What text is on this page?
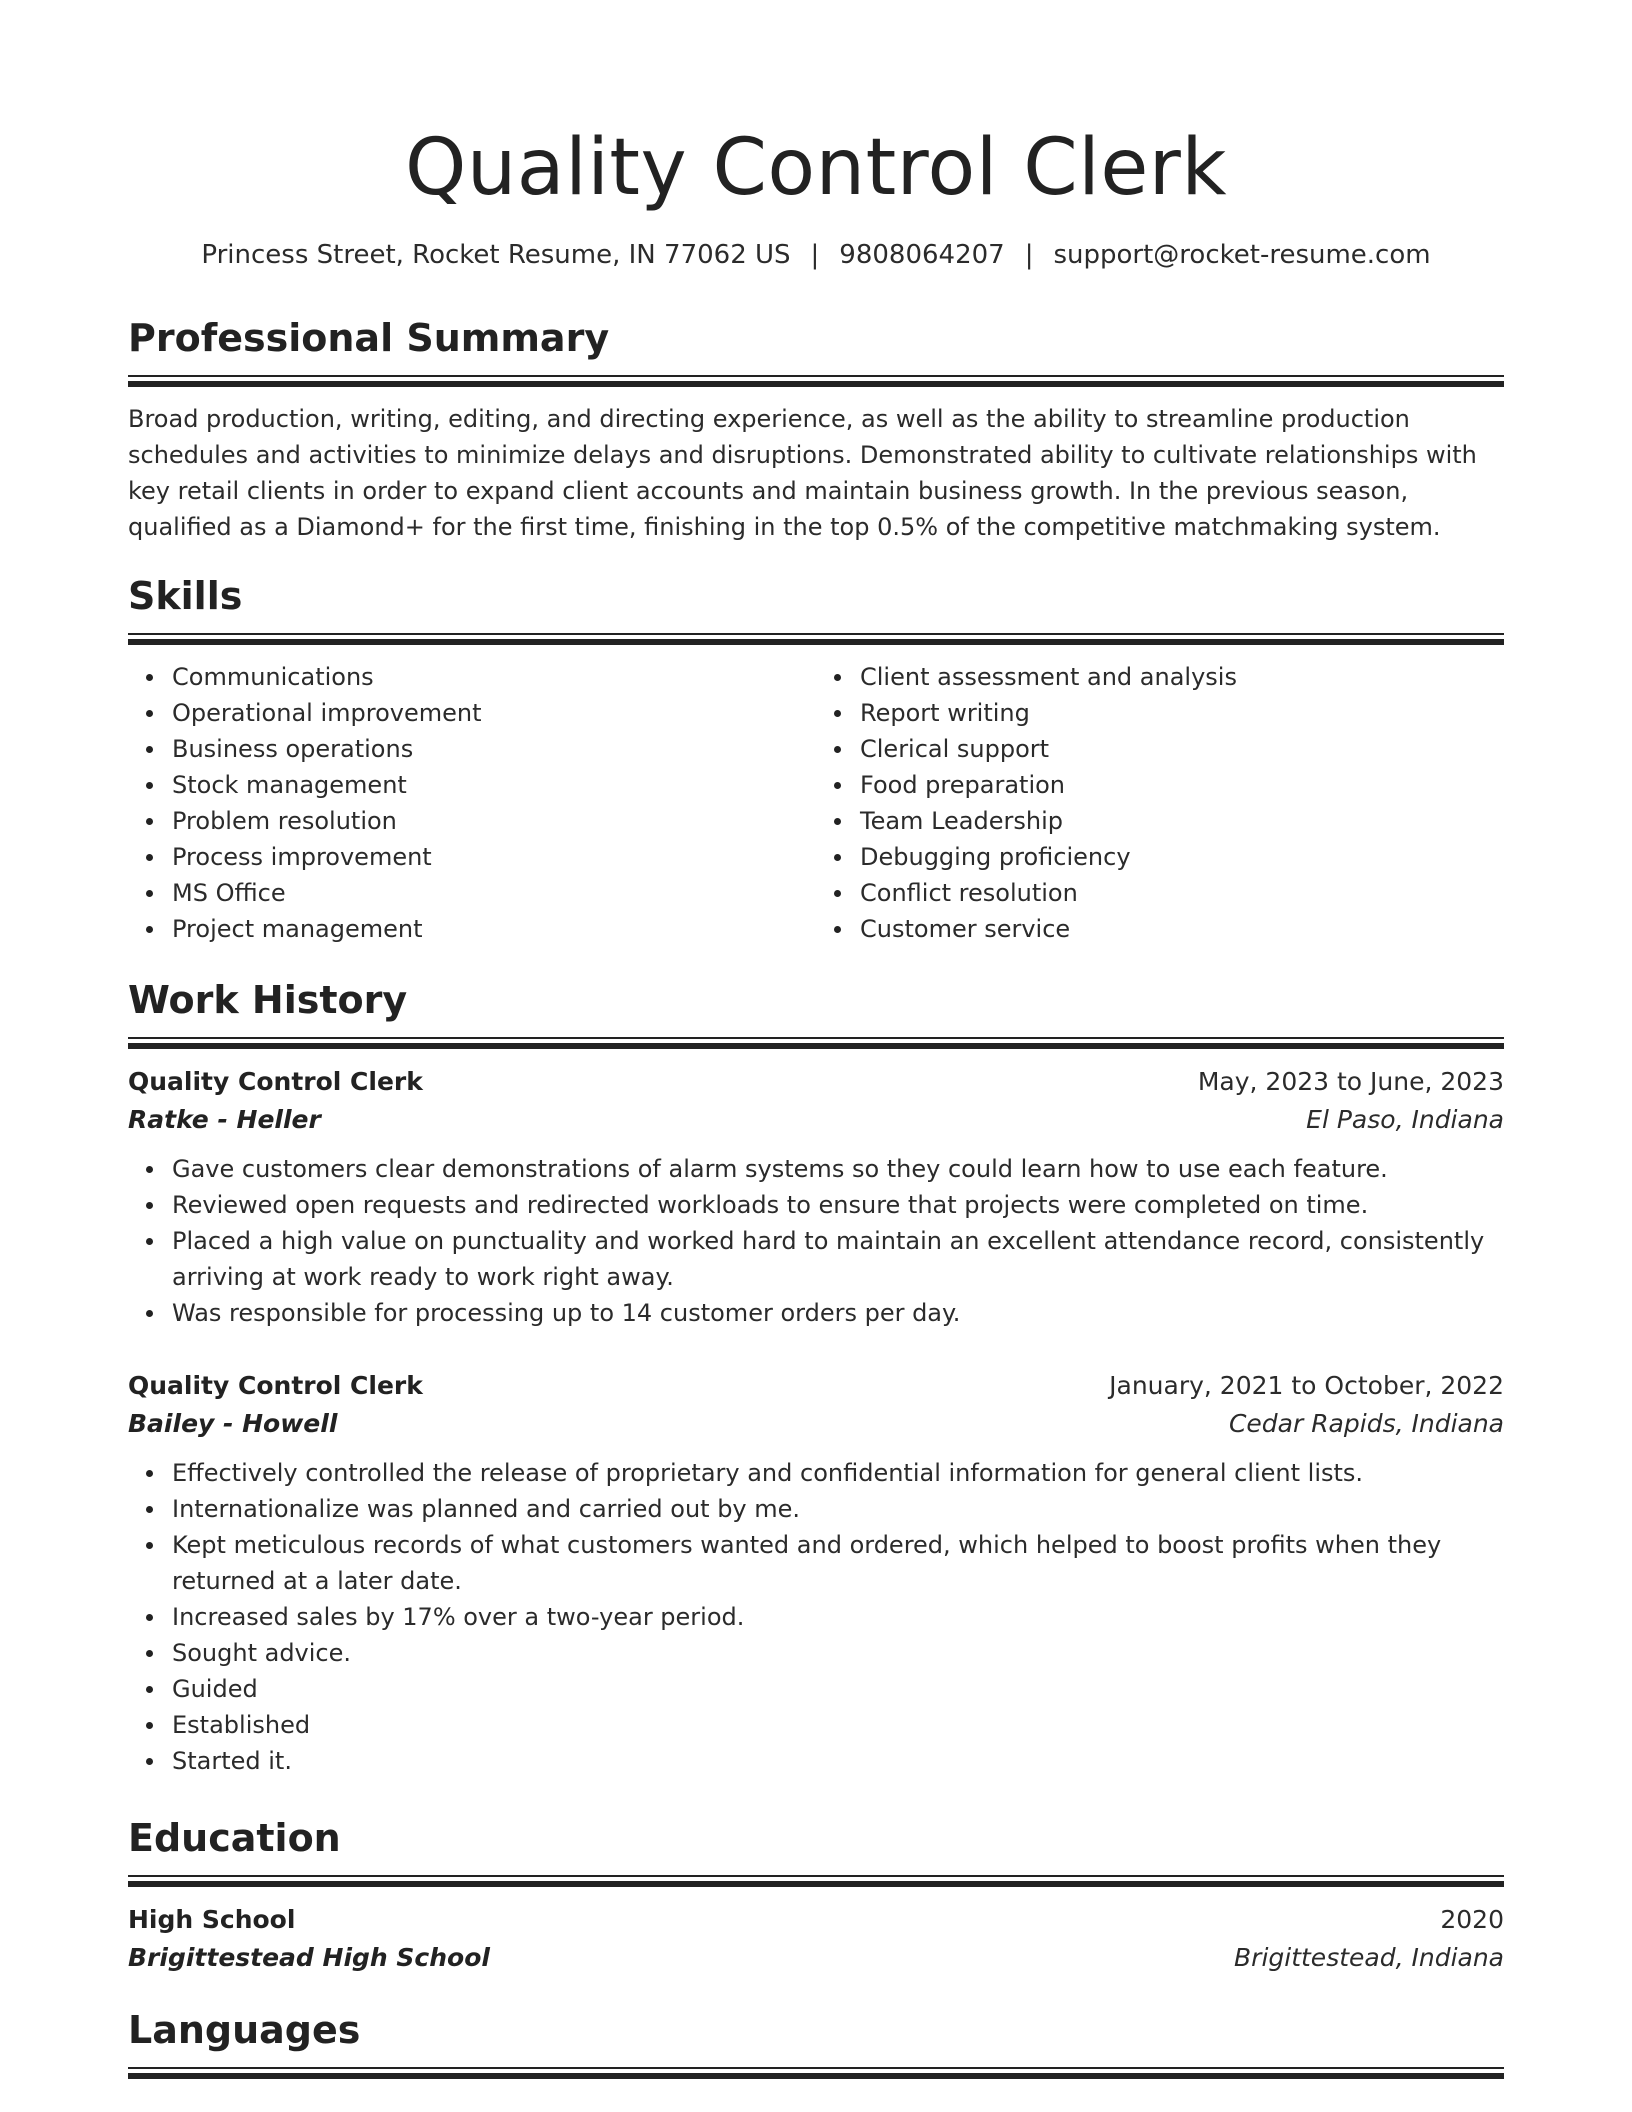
Quality Control Clerk
Princess Street, Rocket Resume, IN 77062 US | 9808064207 | support@rocket-resume.com
Professional Summary
Broad production, writing, editing, and directing experience, as well as the ability to streamline production schedules and activities to minimize delays and disruptions. Demonstrated ability to cultivate relationships with key retail clients in order to expand client accounts and maintain business growth. In the previous season, qualified as a Diamond+ for the first time, finishing in the top 0.5% of the competitive matchmaking system.
Skills
Communications
Operational improvement
Business operations
Stock management
Problem resolution
Process improvement
MS Office
Project management
Client assessment and analysis
Report writing
Clerical support
Food preparation
Team Leadership
Debugging proficiency
Conflict resolution
Customer service
Work History
Quality Control Clerk	May, 2023 to June, 2023
Ratke - Heller	El Paso, Indiana
Gave customers clear demonstrations of alarm systems so they could learn how to use each feature.
Reviewed open requests and redirected workloads to ensure that projects were completed on time.
Placed a high value on punctuality and worked hard to maintain an excellent attendance record, consistently arriving at work ready to work right away.
Was responsible for processing up to 14 customer orders per day.
Quality Control Clerk	January, 2021 to October, 2022
Bailey - Howell	Cedar Rapids, Indiana
Effectively controlled the release of proprietary and confidential information for general client lists.
Internationalize was planned and carried out by me.
Kept meticulous records of what customers wanted and ordered, which helped to boost profits when they returned at a later date.
Increased sales by 17% over a two-year period.
Sought advice.
Guided
Established
Started it.
Education
High School	2020
Brigittestead High School	Brigittestead, Indiana
Languages
